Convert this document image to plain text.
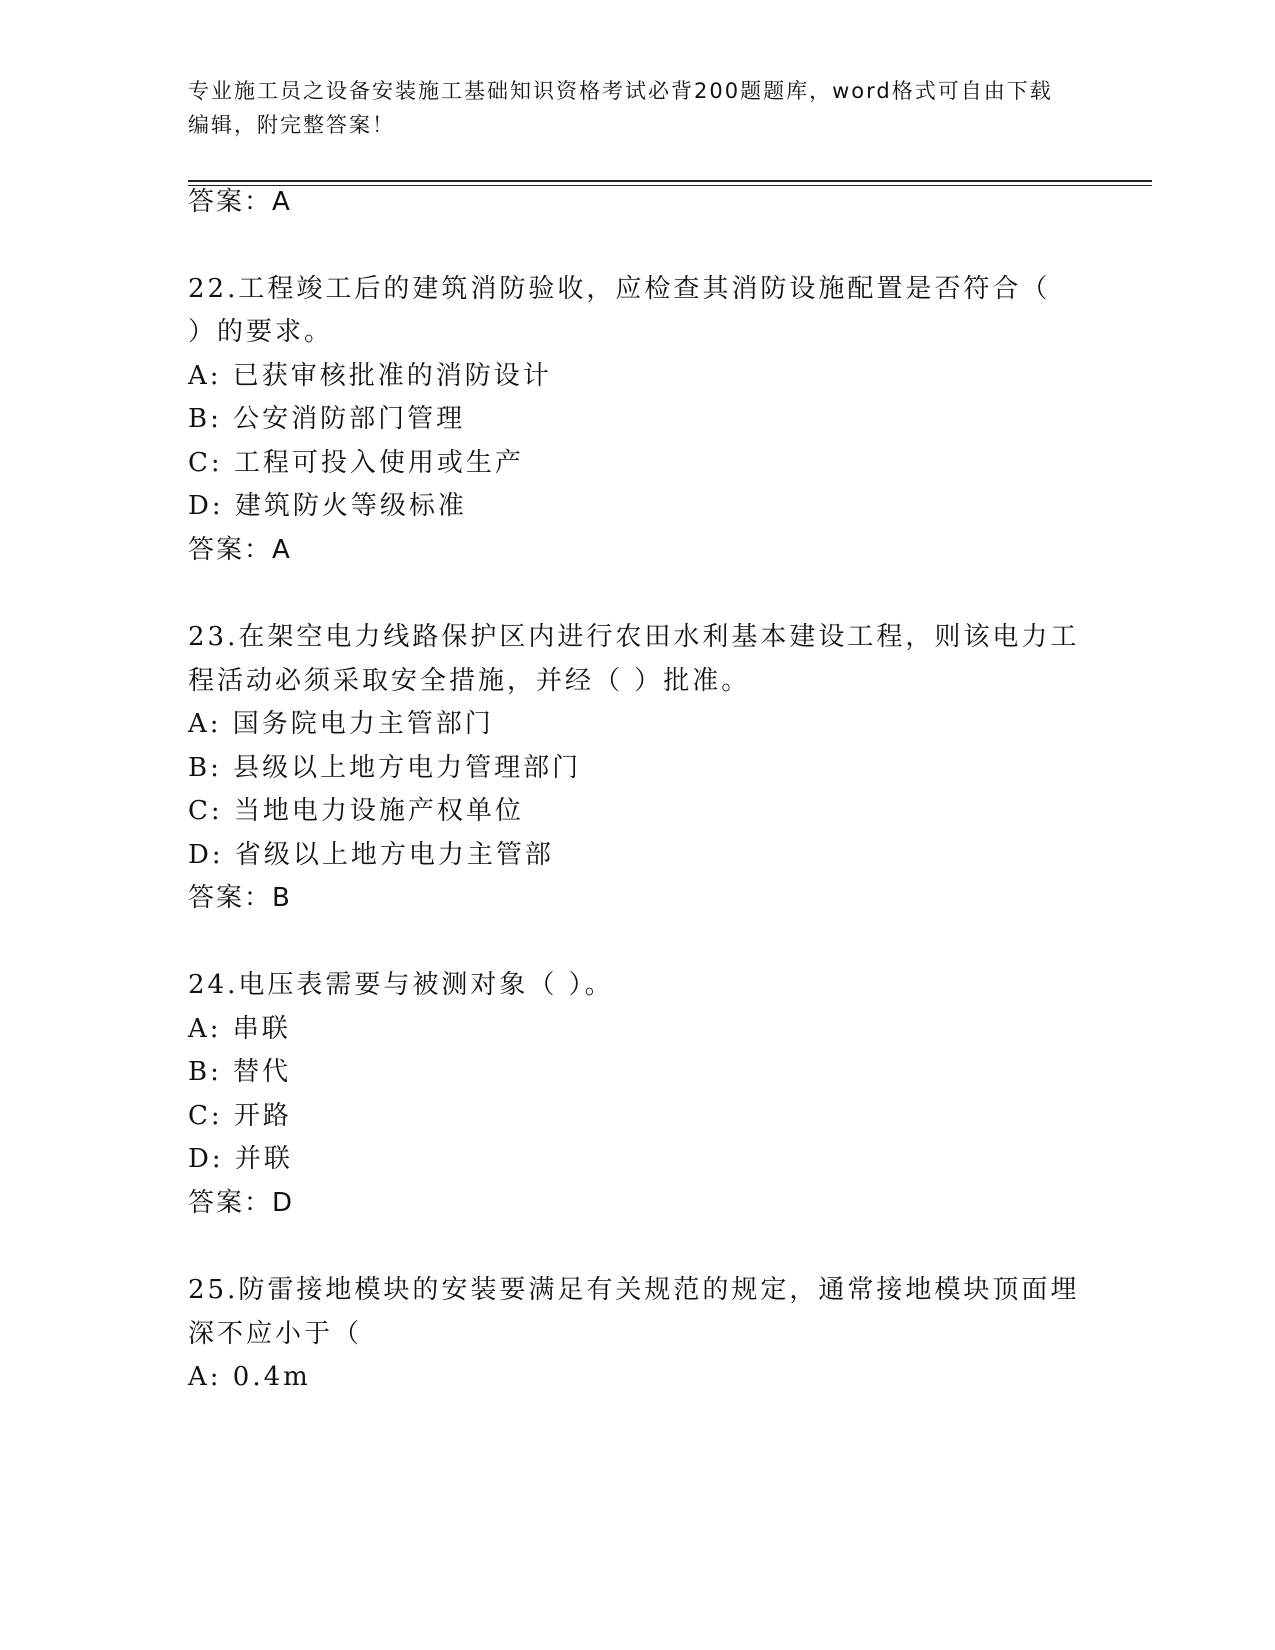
专业施工员之设备安装施工基础知识资格考试必背200题题库，word格式可自由下载编辑，附完整答案！
答案：A
22.工程竣工后的建筑消防验收，应检查其消防设施配置是否符合（
）的要求。
A: 已获审核批准的消防设计
B: 公安消防部门管理
C: 工程可投入使用或生产
D: 建筑防火等级标准
答案：A
23.在架空电力线路保护区内进行农田水利基本建设工程，则该电力工
程活动必须采取安全措施，并经（ ）批准。
A: 国务院电力主管部门
B: 县级以上地方电力管理部门
C: 当地电力设施产权单位
D: 省级以上地方电力主管部
答案：B
24.电压表需要与被测对象（ ）。
A: 串联
B: 替代
C: 开路
D: 并联
答案：D
25.防雷接地模块的安装要满足有关规范的规定，通常接地模块顶面埋
深不应小于（
A: 0.4m
